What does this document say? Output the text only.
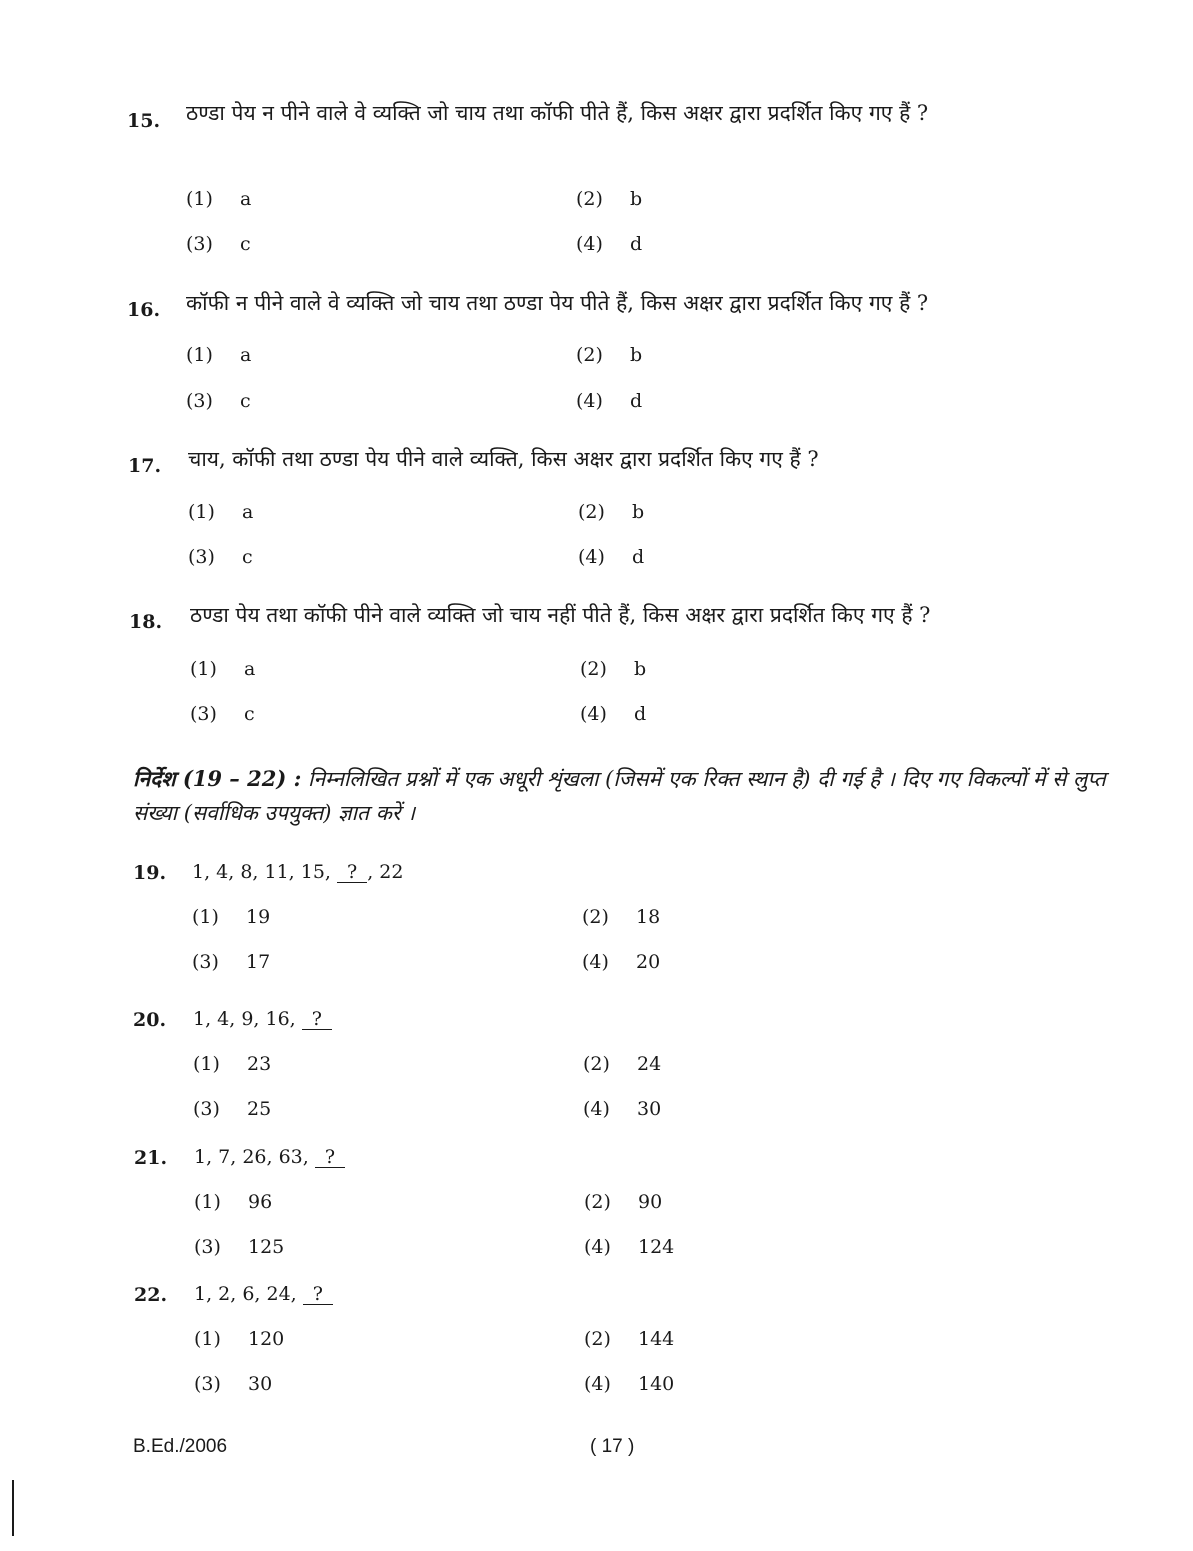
15. ठण्डा पेय न पीने वाले वे व्यक्ति जो चाय तथा कॉफी पीते हैं, किस अक्षर द्वारा प्रदर्शित किए गए हैं ?
(1) a	(2) b
(3) c	(4) d
16. कॉफी न पीने वाले वे व्यक्ति जो चाय तथा ठण्डा पेय पीते हैं, किस अक्षर द्वारा प्रदर्शित किए गए हैं ?
(1) a	(2) b
(3) c	(4) d
17. चाय, कॉफी तथा ठण्डा पेय पीने वाले व्यक्ति, किस अक्षर द्वारा प्रदर्शित किए गए हैं ?
(1) a	(2) b
(3) c	(4) d
18. ठण्डा पेय तथा कॉफी पीने वाले व्यक्ति जो चाय नहीं पीते हैं, किस अक्षर द्वारा प्रदर्शित किए गए हैं ?
(1) a	(2) b
(3) c	(4) d
निर्देश (19 – 22) : निम्नलिखित प्रश्नों में एक अधूरी शृंखला (जिसमें एक रिक्त स्थान है) दी गई है । दिए गए विकल्पों में से लुप्त संख्या (सर्वाधिक उपयुक्त) ज्ञात करें ।
19. 1, 4, 8, 11, 15, ? , 22
(1) 19	(2) 18
(3) 17	(4) 20
20. 1, 4, 9, 16, ?
(1) 23	(2) 24
(3) 25	(4) 30
21. 1, 7, 26, 63, ?
(1) 96	(2) 90
(3) 125	(4) 124
22. 1, 2, 6, 24, ?
(1) 120	(2) 144
(3) 30	(4) 140
B.Ed./2006	( 17 )
